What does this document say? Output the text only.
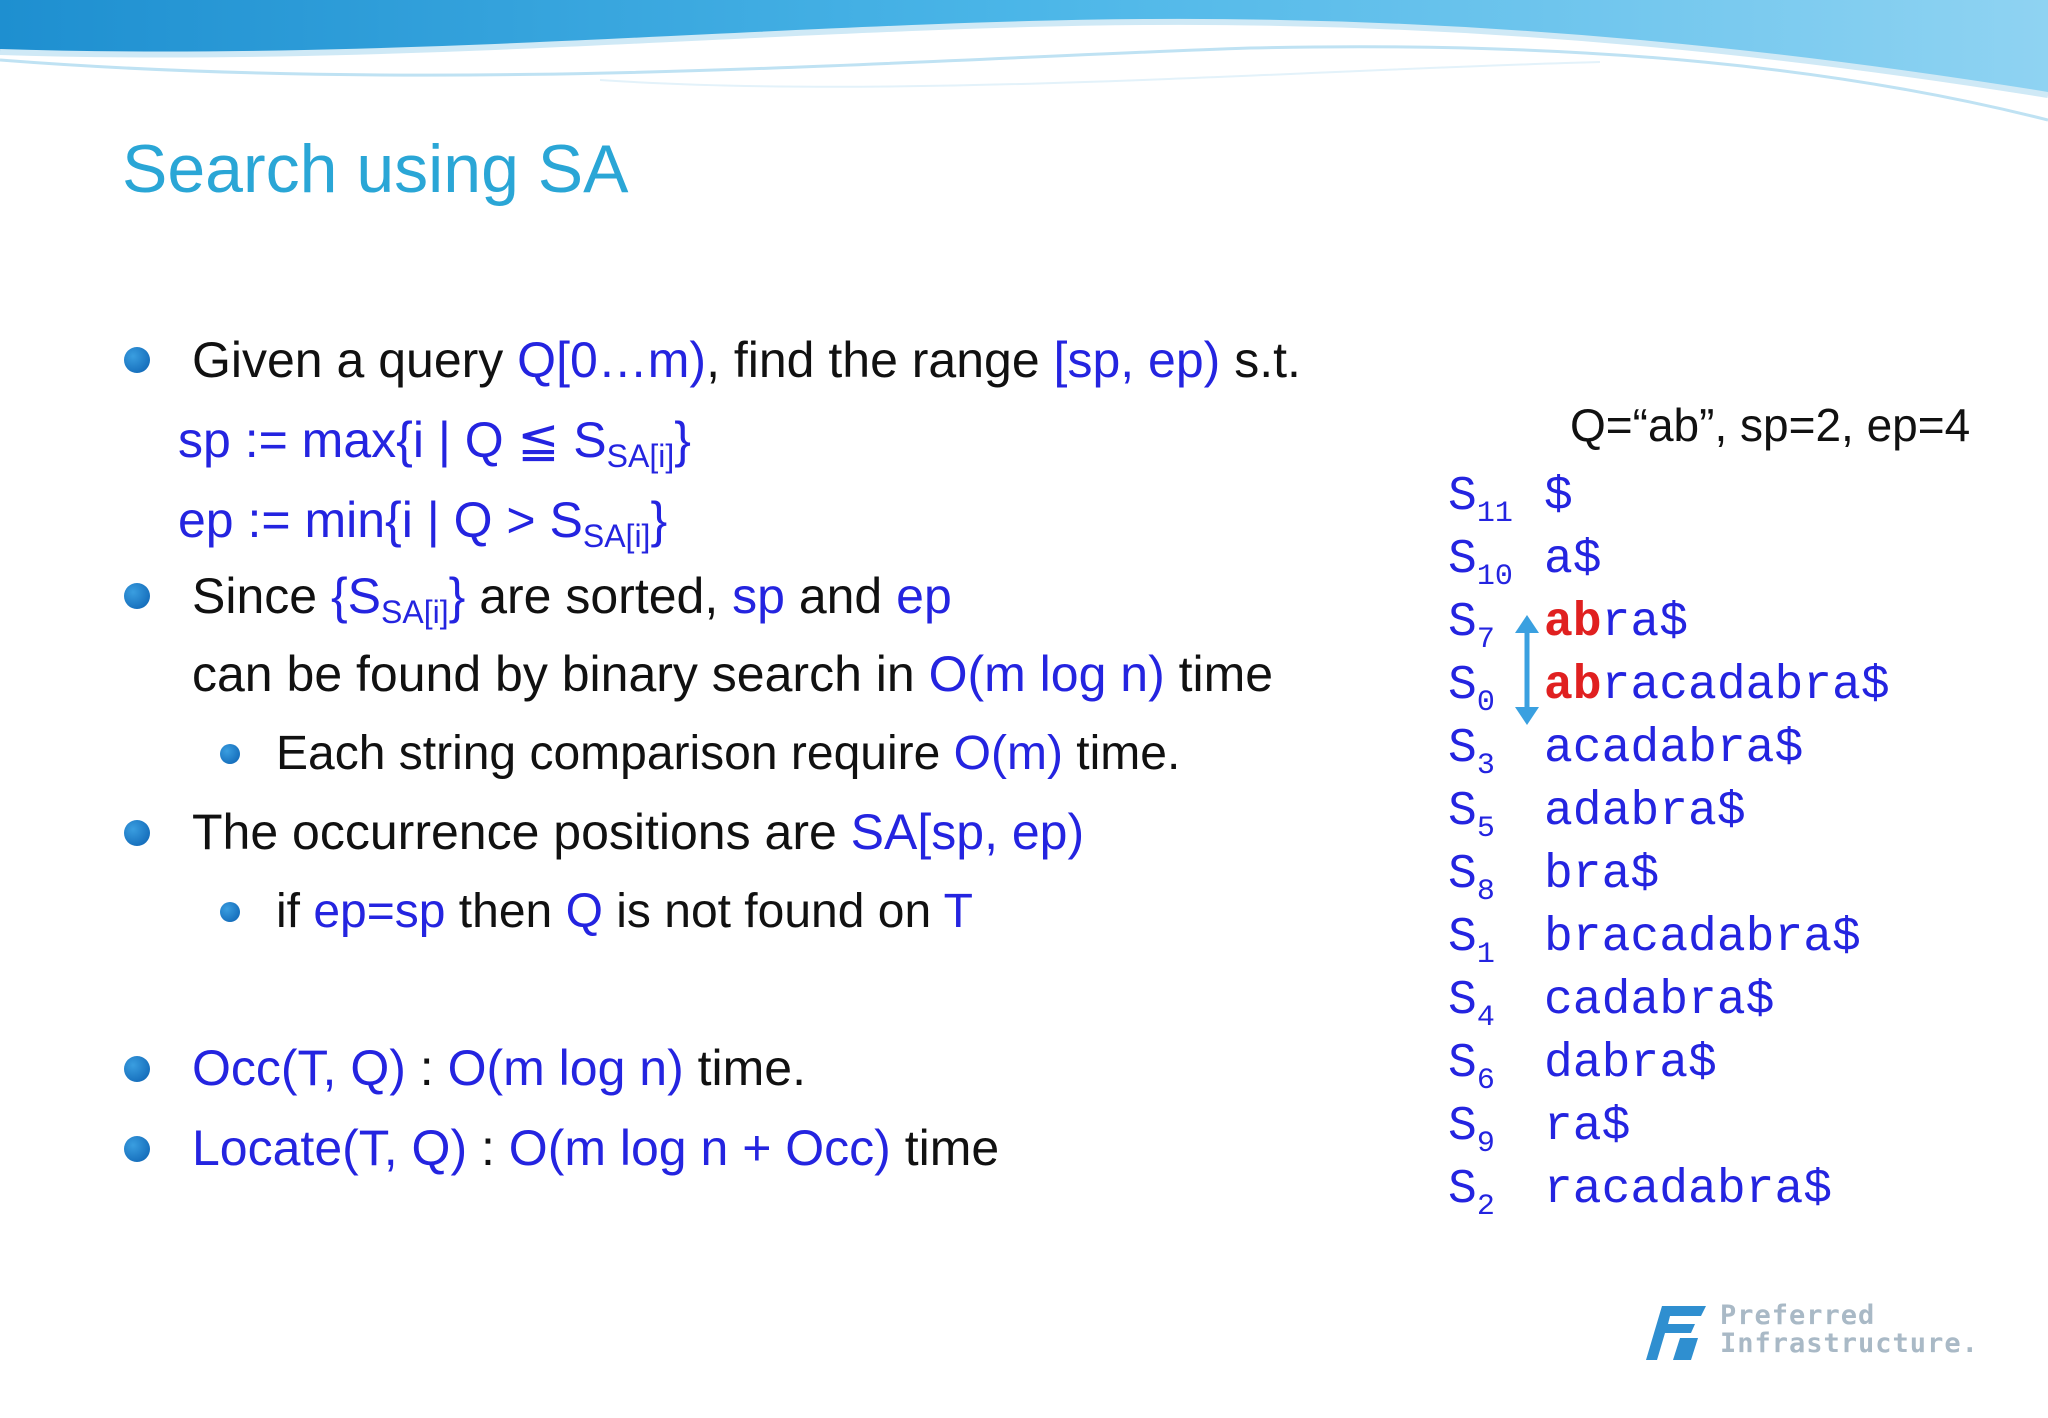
Search using SA
Given a query Q[0…m), find the range [sp, ep) s.t.
sp := max{i | Q ≦ $S_{SA[i]}$}
ep := min{i | $Q > S_{SA[i]}$}
Since $\{S_{SA[i]}\}$ are sorted, sp and ep
can be found by binary search in O(m log n) time
Each string comparison require O(m) time.
The occurrence positions are SA[sp, ep)
if ep=sp then Q is not found on T
Occ(T, Q) : O(m log n) time.
Locate(T, Q) : O(m log n + Occ) time
Q=“ab”, sp=2, ep=4
$S_{11}$ $
$S_{10}$ a$
$S_7$ abra$
$S_0$ abracadabra$
$S_3$ acadabra$
$S_5$ adabra$
$S_8$ bra$
$S_1$ bracadabra$
$S_4$ cadabra$
$S_6$ dabra$
$S_9$ ra$
$S_2$ racadabra$
Preferred
Infrastructure.
